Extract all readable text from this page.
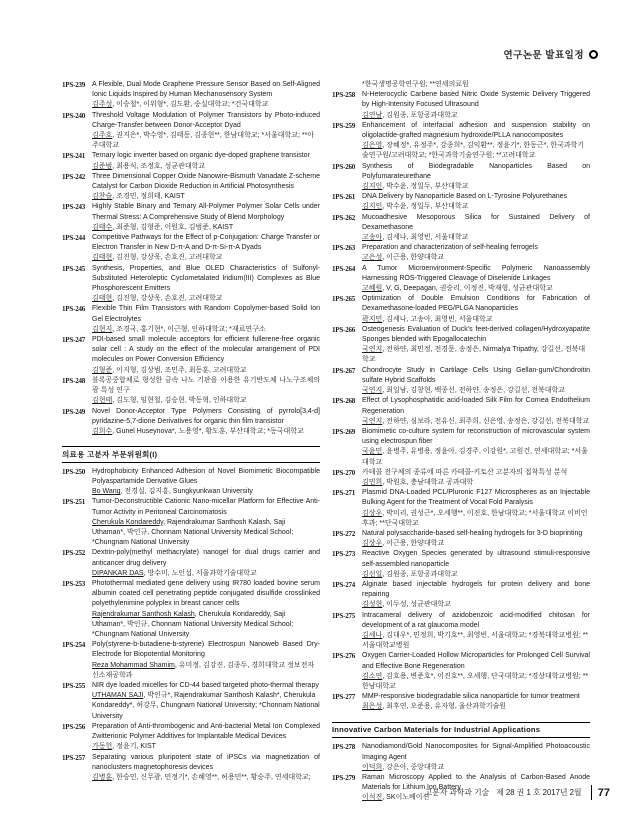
연구논문 발표일정
1PS-239 A Flexible, Dual Mode Graphene Pressure Sensor Based on Self-Aligned Ionic Liquids Inspired by Human Mechanosensory System
김주성, 이승철*, 이위형*, 김도환, 숭실대학교; *건국대학교
1PS-240 Threshold Voltage Modulation of Polymer Transistors by Photo-induced Charge-Transfer between Donor-Acceptor Dyad
김주호, 권지은*, 박수영*, 김태동, 김종현**, 한남대학교; *서울대학교; **아주대학교
1PS-241 Ternary logic inverter based on organic dye-doped graphene transistor
김준범, 최용식, 조정호, 성균관대학교
1PS-242 Three Dimensional Copper Oxide Nanowire-Bismuth Vanadate Z-scheme Catalyst for Carbon Dioxide Reduction in Artificial Photosynthesis
김찬슬, 조경민, 정희태, KAIST
1PS-243 Highly Stable Binary and Ternary All-Polymer Polymer Solar Cells under Thermal Stress: A Comprehensive Study of Blend Morphology
김태수, 최준형, 김형준, 이원호, 김범준, KAIST
1PS-244 Competitive Pathways for the Effect of p-Conjugation: Charge Transfer or Electron Transfer in New D-π-A and D-π-Si-π-A Dyads
김태현, 김진형, 강상욱, 손호진, 고려대학교
1PS-245 Synthesis, Properties, and Blue OLED Characteristics of Sulfonyl-Substituted Heteroleptic Cyclometalated Iridium(III) Complexes as Blue Phosphorescent Emitters
김태현, 김진형, 강상욱, 손호진, 고려대학교
1PS-246 Flexible Thin Film Transistors with Random Copolymer-based Solid Ion Gel Electrolytes
김현지, 조경국, 홍기현*, 이근형, 인하대학교; *재료연구소
1PS-247 PDI-based small molecule acceptors for efficient fullerene-free organic solar cell : A study on the effect of the molecular arrangement of PDI molecules on Power Conversion Efficiency
김형준, 이지형, 김상범, 조민주, 최동훈, 고려대학교
1PS-248 블록공중합체로 형성한 금속 나노 기판을 이용한 유기반도체 나노구조체의 광 특성 연구
김현태, 김도형, 임현철, 김승현, 박동혁, 인하대학교
1PS-249 Novel Donor-Acceptor Type Polymers Consisting of pyrrolo[3,4-d] pyridazine-5,7-dione Derivatives for organic thin film transistor
김희수, Gunel Huseynova*, 노용영*, 황도훈, 부산대학교; *동국대학교
의료용 고분자 부문위원회(I)
1PS-250 Hydrophobicity Enhanced Adhesion of Novel Biomimetic Biocompatible Polyaspartamide Derivative Glues
Bo Wang, 전경실, 김지흥, Sungkyunkwan University
1PS-251 Tumor-Deconstructible Cationic Nano-micellar Platform for Effective Anti-Tumor Activity in Peritoneal Carcinomatosis
Cherukula Kondareddy, Rajendrakumar Santhosh Kalash, Saji Uthaman*, 박인규, Chonnam National University Medical School; *Chungnam National University
1PS-252 Dextrin-poly(methyl methacrylate) nanogel for dual drugs carrier and anticancer drug delivery
DIPANKAR DAS, 방수미, 노인섭, 서울과학기술대학교
1PS-253 Photothermal mediated gene delivery using IR780 loaded bovine serum albumin coated cell penetrating peptide conjugated disulfide crosslinked polyethylenimine polyplex in breast cancer cells
Rajendrakumar Santhosh Kalash, Cherukula Kondareddy, Saji Uthaman*, 박인규, Chonnam National University Medical School; *Chungnam National University
1PS-254 Poly(styrene-b-butadiene-b-styrene) Electrospun Nanoweb Based Dry-Electrode for Biopotential Monitoring
Reza Mohammad Shamim, 유미정, 김강진, 김종두, 경희대학교 정보전자신소재공학과
1PS-255 NIR dye loaded micelles for CD-44 based targeted photo-thermal therapy
UTHAMAN SAJI, 박인규*, Rajendrakumar Santhosh Kalash*, Cherukula Kondareddy*, 허강무, Chungnam National University; *Chonnam National University
1PS-256 Preparation of Anti-thrombogenic and Anti-bacterial Metal Ion Complexed Zwitterionic Polymer Additives for Implantable Medical Devices
가동헌, 정윤기, KIST
1PS-257 Separating various pluripotent state of iPSCs via magnetization of nanoclusters magnetophoresis devices
김병훈, 한승민, 신무광, 민정기*, 손혜영**, 허용민**, 황승주, 연세대학교;
*한국생명공학연구원; **연세의료원
1PS-258 N-Heterocyclic Carbene based Nitric Oxide Systemic Delivery Triggered by High-Intensity Focused Ultrasound
김연남, 김원종, 포항공과대학교
1PS-259 Enhancement of interfacial adhesion and suspension stability on oligolactide-grafted magnesium hydroxide/PLLA nanocomposites
김은영, 장혜정*, 유정주*, 강종희*, 김익환**, 정윤기*, 한동근*, 한국과학기술연구원/고려대학교; *한국과학기술연구원; **고려대학교
1PS-260 Synthesis of Biodegradable Nanoparticles Based on Polyfumarateurethane
김지인, 박수윤, 정일두, 부산대학교
1PS-261 DNA Delivery by Nanoparticle Based on L-Tyrosine Polyurethanes
김지인, 박수윤, 정일두, 부산대학교
1PS-262 Mucoadhesive Mesoporous Silica for Sustained Delivery of Dexamethasone
고송아, 김세나, 최영빈, 서울대학교
1PS-263 Preparation and characterization of self-healing ferrogels
고은성, 이근용, 한양대학교
1PS-264 A Tumor Microenvironment-Specific Polymeric Nanoassembly Harnessing ROS-Triggered Cleavage of Diselenide Linkages
고혜원, V, G, Deepagan, 권승리, 이정진, 박재형, 성균관대학교
1PS-265 Optimization of Double Emulsion Conditions for Fabrication of Dexamethasone-loaded PEG/PLGA Nanoparticles
곽지민, 김세나, 고송아, 최영빈, 서울대학교
1PS-266 Osteogenesis Evaluation of Duck's feet-derived collagen/Hydroxyapatite Sponges blended with Epogallocatechin
국연지, 전하얀, 최민정, 전경문, 송정은, Nirmalya Tripathy, 강길선, 전북대학교
1PS-267 Chondrocyte Study in Cartilage Cells Using Gellan-gum/Chondroitin sulfate Hybrid Scaffolds
국연지, 최일남, 김창현, 백종선, 전하얀, 송정은, 강길선, 전북대학교
1PS-268 Effect of Lysophosphatidic acid-loaded Silk Film for Cornea Endothelium Regeneration
국연지, 전하얀, 심보라, 전유신, 최주희, 신은영, 송정은, 강길선, 전북대학교
1PS-269 Biomimetic co-culture system for reconstruction of microvascular system using electrospun fiber
국윤민, 윤병주, 유병용, 정윤아, 김경주, 이강원*, 고원건, 연세대학교; *서울대학교
1PS-270 카테콜 전구체의 종류에 따른 카테콜-키토산 고분자의 접착특성 분석
김민희, 박원호, 충남대학교 공과대학
1PS-271 Plasmid DNA-Loaded PCL/Pluronic F127 Microspheres as an Injectable Bulking Agent for the Treatment of Vocal Fold Paralysis
김상우, 박미리, 권성근*, 오세행**, 이진호, 한남대학교; *서울대학교 이비인후과; **단국대학교
1PS-272 Natural polysaccharide-based self-healing hydrogels for 3-D bioprinting
김상우, 이근용, 한양대학교
1PS-273 Reactive Oxygen Species generated by ultrasound stimuli-responsive self-assembled nanoparticle
김선일, 김원종, 포항공과대학교
1PS-274 Alginate based injectable hydrogels for protein delivery and bone repairing
김성현, 이두성, 성균관대학교
1PS-275 Intracameral delivery of azidobenzoic acid-modified chitosan for development of a rat glaucoma model
김세나, 김대우*, 민정희, 박기호**, 최영빈, 서울대학교; *경북대학교병원; **서울대학교병원
1PS-276 Oxygen Carrier-Loaded Hollow Microparticles for Prolonged Cell Survival and Effective Bone Regeneration
김소연, 김호용, 변준호*, 이진호**, 오세행, 단국대학교; *경상대학교병원; **한남대학교
1PS-277 MMP-responsive biodegradable silica nanoparticle for tumor treatment
최은성, 최후연, 오준용, 유자형, 울산과학기술원
Innovative Carbon Materials for Industrial Applications
1PS-278 Nanodiamond/Gold Nanocomposites for Signal-Amplified Photoacoustic Imaging Agent
이덕희, 강은아, 중앙대학교
1PS-279 Raman Microscopy Applied to the Analysis of Carbon-Based Anode Materials for Lithium Ion Battery
이석진, SK이노베이션
고분자 과학과 기술 제 28 권 1 호 2017년 2월 77
